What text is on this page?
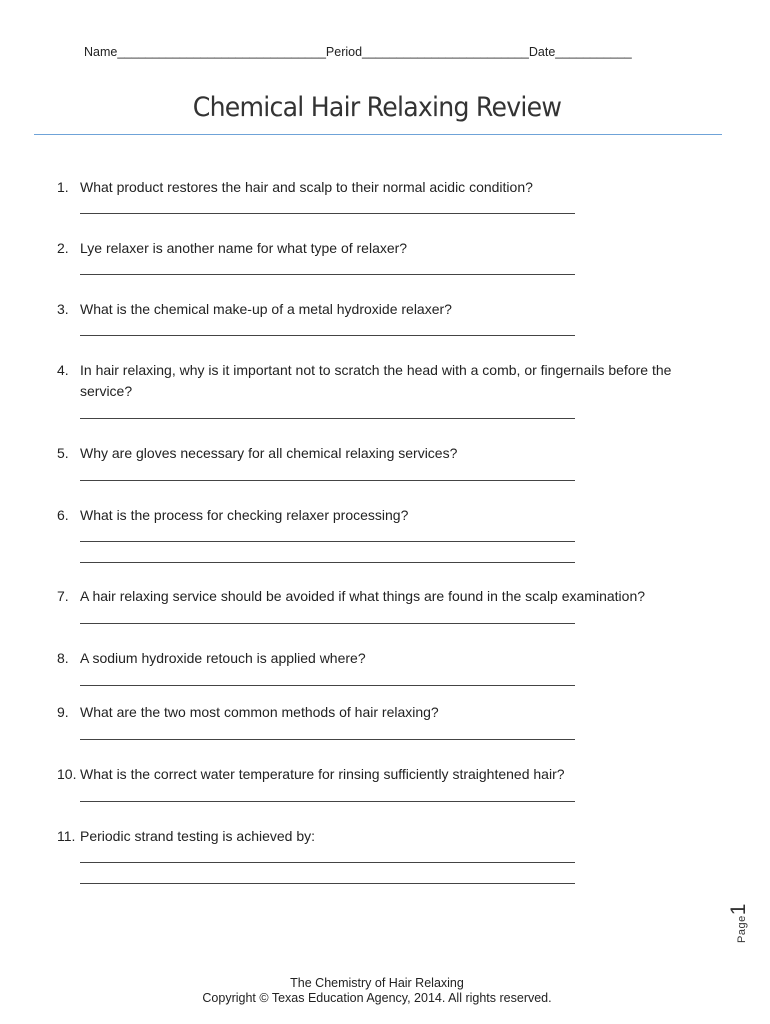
Name______________________________Period________________________Date___________
Chemical Hair Relaxing Review
1. What product restores the hair and scalp to their normal acidic condition?
2. Lye relaxer is another name for what type of relaxer?
3. What is the chemical make-up of a metal hydroxide relaxer?
4. In hair relaxing, why is it important not to scratch the head with a comb, or fingernails before the service?
5. Why are gloves necessary for all chemical relaxing services?
6. What is the process for checking relaxer processing?
7. A hair relaxing service should be avoided if what things are found in the scalp examination?
8. A sodium hydroxide retouch is applied where?
9. What are the two most common methods of hair relaxing?
10. What is the correct water temperature for rinsing sufficiently straightened hair?
11. Periodic strand testing is achieved by:
Page1
The Chemistry of Hair Relaxing
Copyright © Texas Education Agency, 2014. All rights reserved.
